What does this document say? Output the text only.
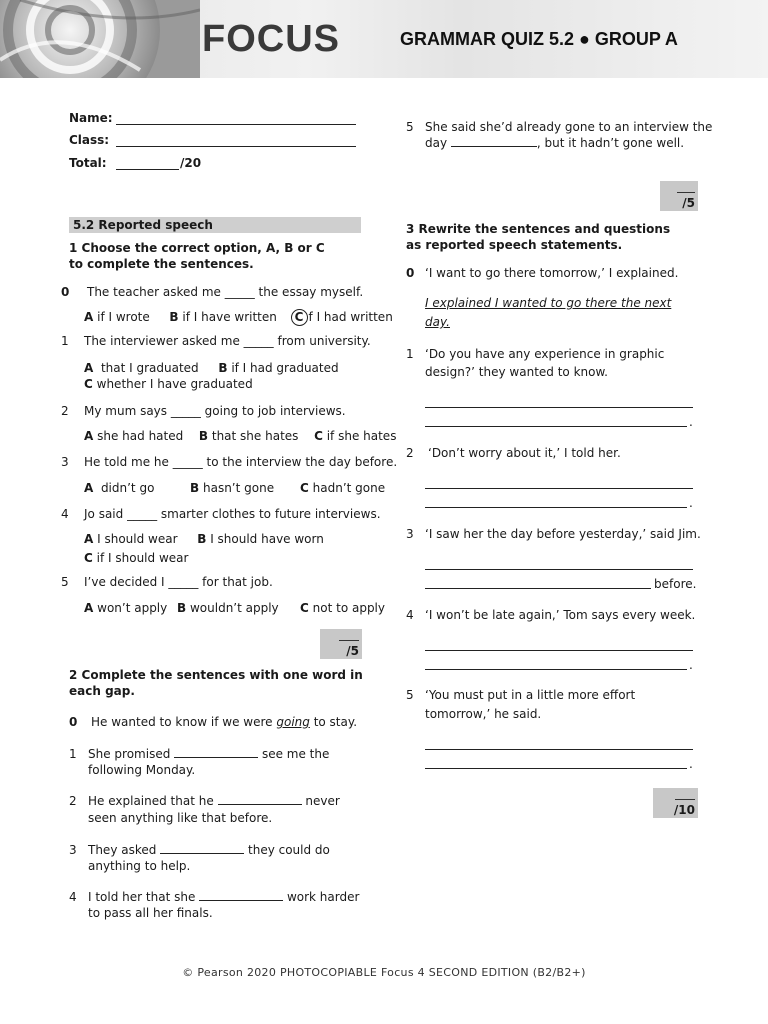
FOCUS	GRAMMAR QUIZ 5.2 ● GROUP A
Name:
Class:
Total:	/20
5.2 Reported speech
1 Choose the correct option, A, B or C to complete the sentences.
0 The teacher asked me _____ the essay myself.
A if I wrote B if I have written C f I had written
1 The interviewer asked me _____ from university.
A that I graduated B if I had graduated
C whether I have graduated
2 My mum says _____ going to job interviews.
A she had hated B that she hates C if she hates
3 He told me he _____ to the interview the day before.
A didn’t go	B hasn’t gone C hadn’t gone
4 Jo said _____ smarter clothes to future interviews.
A I should wear B I should have worn
C if I should wear
5 I’ve decided I _____ for that job.
A won’t apply B wouldn’t apply C not to apply
/5
2 Complete the sentences with one word in each gap.
0 He wanted to know if we were going to stay.
1 She promised	see me the
following Monday.
2 He explained that he	never
seen anything like that before.
3 They asked	they could do
anything to help.
4 I told her that she	work harder
to pass all her finals.
5 She said she’d already gone to an interview the
day	, but it hadn’t gone well.
/5
3 Rewrite the sentences and questions as reported speech statements.
0 ‘I want to go there tomorrow,’ I explained.
I explained I wanted to go there the next
day.
1 ‘Do you have any experience in graphic
design?’ they wanted to know.
.
2 ‘Don’t worry about it,’ I told her.
.
3 ‘I saw her the day before yesterday,’ said Jim.
before.
4 ‘I won’t be late again,’ Tom says every week.
.
5 ‘You must put in a little more effort
tomorrow,’ he said.
.
/10
© Pearson 2020 PHOTOCOPIABLE Focus 4 SECOND EDITION (B2/B2+)
